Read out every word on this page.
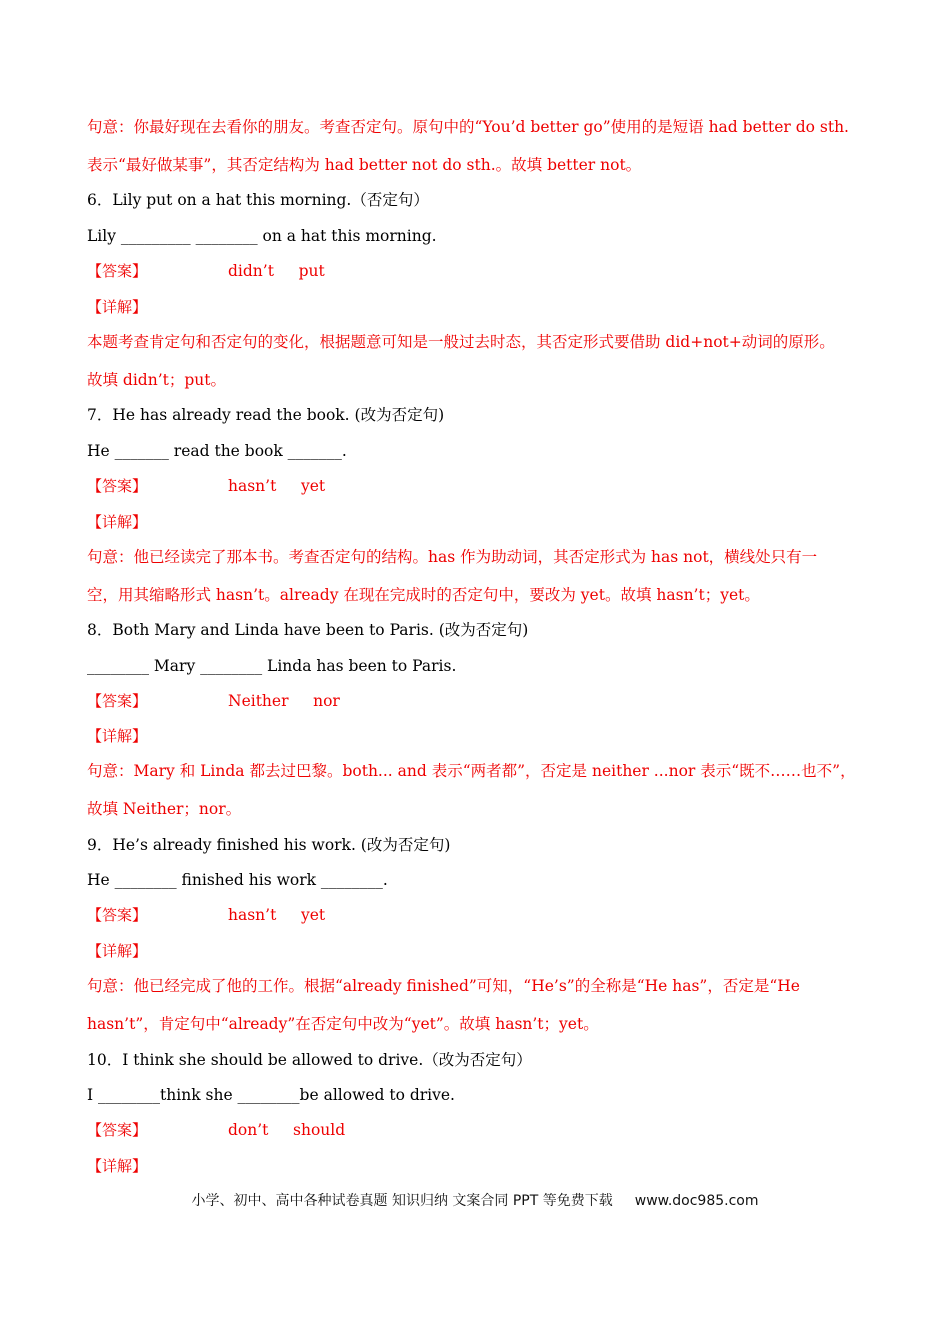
句意：你最好现在去看你的朋友。考查否定句。原句中的“You’d better go”使用的是短语 had better do sth.
表示“最好做某事”，其否定结构为 had better not do sth.。故填 better not。
6．Lily put on a hat this morning.（否定句）
Lily _________ ________ on a hat this morning.
【答案】	didn’t     put
【详解】
本题考查肯定句和否定句的变化，根据题意可知是一般过去时态，其否定形式要借助 did+not+动词的原形。
故填 didn’t；put。
7．He has already read the book. (改为否定句)
He _______ read the book _______.
【答案】	hasn’t     yet
【详解】
句意：他已经读完了那本书。考查否定句的结构。has 作为助动词，其否定形式为 has not，横线处只有一
空，用其缩略形式 hasn’t。already 在现在完成时的否定句中，要改为 yet。故填 hasn’t；yet。
8．Both Mary and Linda have been to Paris. (改为否定句)
________ Mary ________ Linda has been to Paris.
【答案】	Neither     nor
【详解】
句意：Mary 和 Linda 都去过巴黎。both... and 表示“两者都”，否定是 neither ...nor 表示“既不……也不”，
故填 Neither；nor。
9．He’s already finished his work. (改为否定句)
He ________ finished his work ________.
【答案】	hasn’t     yet
【详解】
句意：他已经完成了他的工作。根据“already finished”可知，“He’s”的全称是“He has”，否定是“He
hasn’t”，肯定句中“already”在否定句中改为“yet”。故填 hasn’t；yet。
10．I think she should be allowed to drive.（改为否定句）
I ________think she ________be allowed to drive.
【答案】	don’t     should
【详解】
小学、初中、高中各种试卷真题 知识归纳 文案合同 PPT 等免费下载 www.doc985.com
